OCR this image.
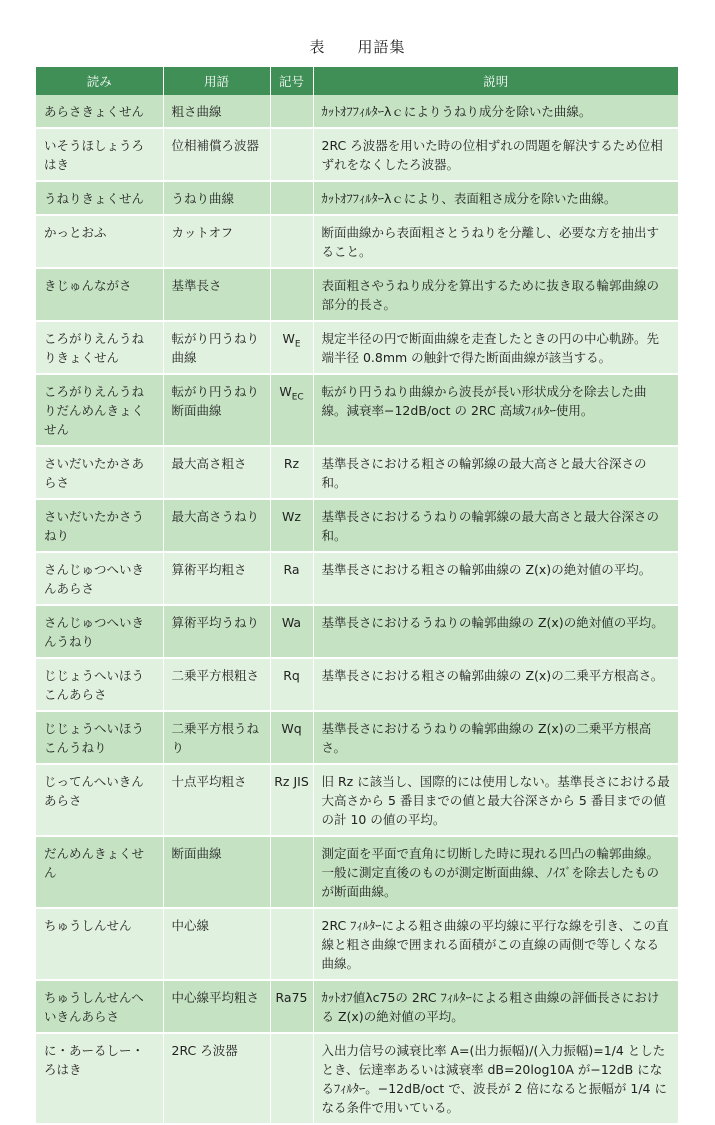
表　　用語集
読み	用語	記号	説明
あらさきょくせん	粗さ曲線		ｶｯﾄｵﾌﾌｨﾙﾀｰλｃによりうねり成分を除いた曲線。
いそうほしょうろはき	位相補償ろ波器		2RC ろ波器を用いた時の位相ずれの問題を解決するため位相ずれをなくしたろ波器。
うねりきょくせん	うねり曲線		ｶｯﾄｵﾌﾌｨﾙﾀｰλｃにより、表面粗さ成分を除いた曲線。
かっとおふ	カットオフ		断面曲線から表面粗さとうねりを分離し、必要な方を抽出すること。
きじゅんながさ	基準長さ		表面粗さやうねり成分を算出するために抜き取る輪郭曲線の部分的長さ。
ころがりえんうねりきょくせん	転がり円うねり曲線	$W_E$	規定半径の円で断面曲線を走査したときの円の中心軌跡。先端半径 0.8mm の触針で得た断面曲線が該当する。
ころがりえんうねりだんめんきょくせん	転がり円うねり断面曲線	$W_{EC}$	転がり円うねり曲線から波長が長い形状成分を除去した曲線。減衰率−12dB/oct の 2RC 高域ﾌｨﾙﾀｰ使用。
さいだいたかさあらさ	最大高さ粗さ	Rz	基準長さにおける粗さの輪郭線の最大高さと最大谷深さの和。
さいだいたかさうねり	最大高さうねり	Wz	基準長さにおけるうねりの輪郭線の最大高さと最大谷深さの和。
さんじゅつへいきんあらさ	算術平均粗さ	Ra	基準長さにおける粗さの輪郭曲線の Z(x)の絶対値の平均。
さんじゅつへいきんうねり	算術平均うねり	Wa	基準長さにおけるうねりの輪郭曲線の Z(x)の絶対値の平均。
じじょうへいほうこんあらさ	二乗平方根粗さ	Rq	基準長さにおける粗さの輪郭曲線の Z(x)の二乗平方根高さ。
じじょうへいほうこんうねり	二乗平方根うねり	Wq	基準長さにおけるうねりの輪郭曲線の Z(x)の二乗平方根高さ。
じってんへいきんあらさ	十点平均粗さ	Rz JIS	旧 Rz に該当し、国際的には使用しない。基準長さにおける最大高さから 5 番目までの値と最大谷深さから 5 番目までの値の計 10 の値の平均。
だんめんきょくせん	断面曲線		測定面を平面で直角に切断した時に現れる凹凸の輪郭曲線。一般に測定直後のものが測定断面曲線、ﾉｲｽﾞを除去したものが断面曲線。
ちゅうしんせん	中心線		2RC ﾌｨﾙﾀｰによる粗さ曲線の平均線に平行な線を引き、この直線と粗さ曲線で囲まれる面積がこの直線の両側で等しくなる曲線。
ちゅうしんせんへいきんあらさ	中心線平均粗さ	Ra75	ｶｯﾄｵﾌ値λc75の 2RC ﾌｨﾙﾀｰによる粗さ曲線の評価長さにおける Z(x)の絶対値の平均。
に・あーるしー・ろはき	2RC ろ波器		入出力信号の減衰比率 A=(出力振幅)/(入力振幅)=1/4 としたとき、伝達率あるいは減衰率 dB=20log10A が−12dB になるﾌｨﾙﾀｰ。−12dB/oct で、波長が 2 倍になると振幅が 1/4 になる条件で用いている。
